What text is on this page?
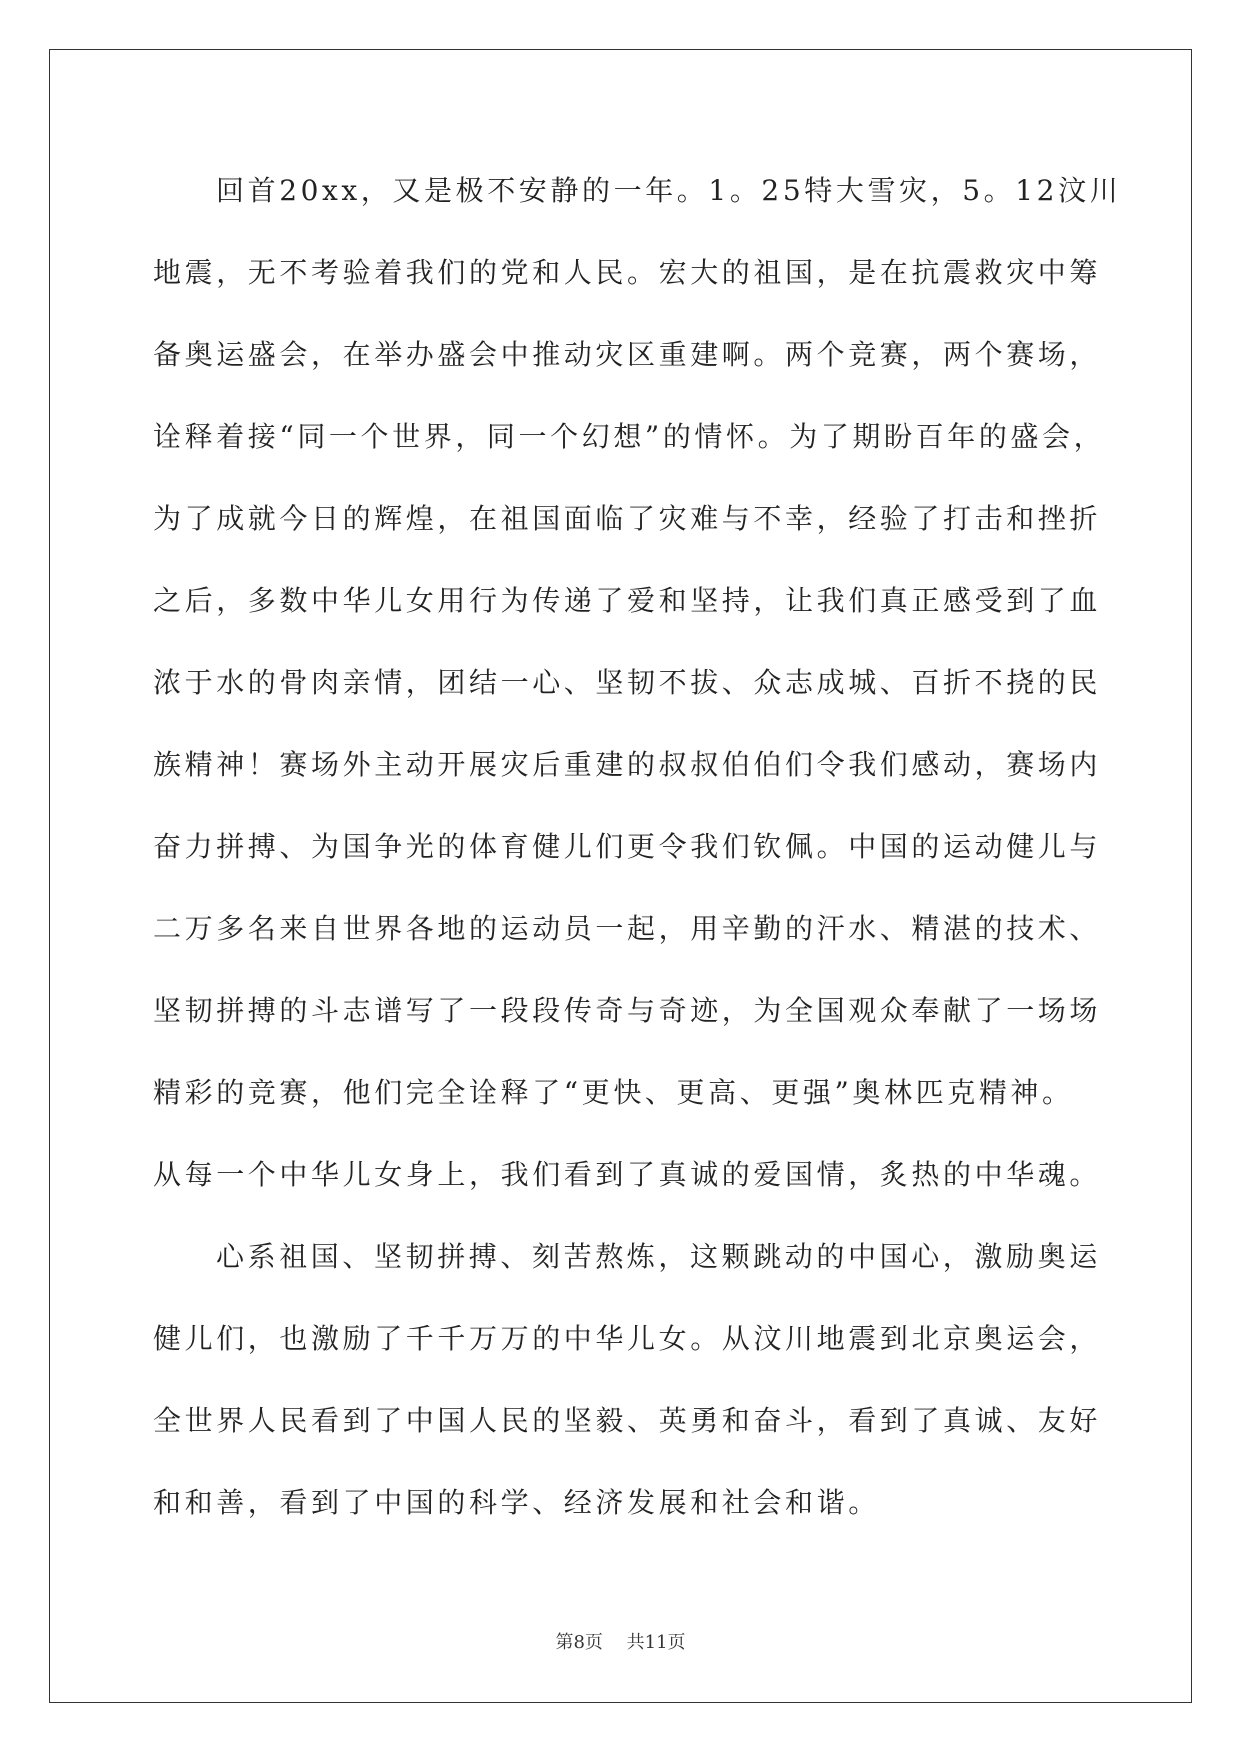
回首20xx，又是极不安静的一年。1。25特大雪灾，5。12汶川
地震，无不考验着我们的党和人民。宏大的祖国，是在抗震救灾中筹
备奥运盛会，在举办盛会中推动灾区重建啊。两个竞赛，两个赛场，
诠释着接“同一个世界，同一个幻想”的情怀。为了期盼百年的盛会，
为了成就今日的辉煌，在祖国面临了灾难与不幸，经验了打击和挫折
之后，多数中华儿女用行为传递了爱和坚持，让我们真正感受到了血
浓于水的骨肉亲情，团结一心、坚韧不拔、众志成城、百折不挠的民
族精神！赛场外主动开展灾后重建的叔叔伯伯们令我们感动，赛场内
奋力拼搏、为国争光的体育健儿们更令我们钦佩。中国的运动健儿与
二万多名来自世界各地的运动员一起，用辛勤的汗水、精湛的技术、
坚韧拼搏的斗志谱写了一段段传奇与奇迹，为全国观众奉献了一场场
精彩的竞赛，他们完全诠释了“更快、更高、更强”奥林匹克精神。
从每一个中华儿女身上，我们看到了真诚的爱国情，炙热的中华魂。
心系祖国、坚韧拼搏、刻苦熬炼，这颗跳动的中国心，激励奥运
健儿们，也激励了千千万万的中华儿女。从汶川地震到北京奥运会，
全世界人民看到了中国人民的坚毅、英勇和奋斗，看到了真诚、友好
和和善，看到了中国的科学、经济发展和社会和谐。
第8页 共11页
